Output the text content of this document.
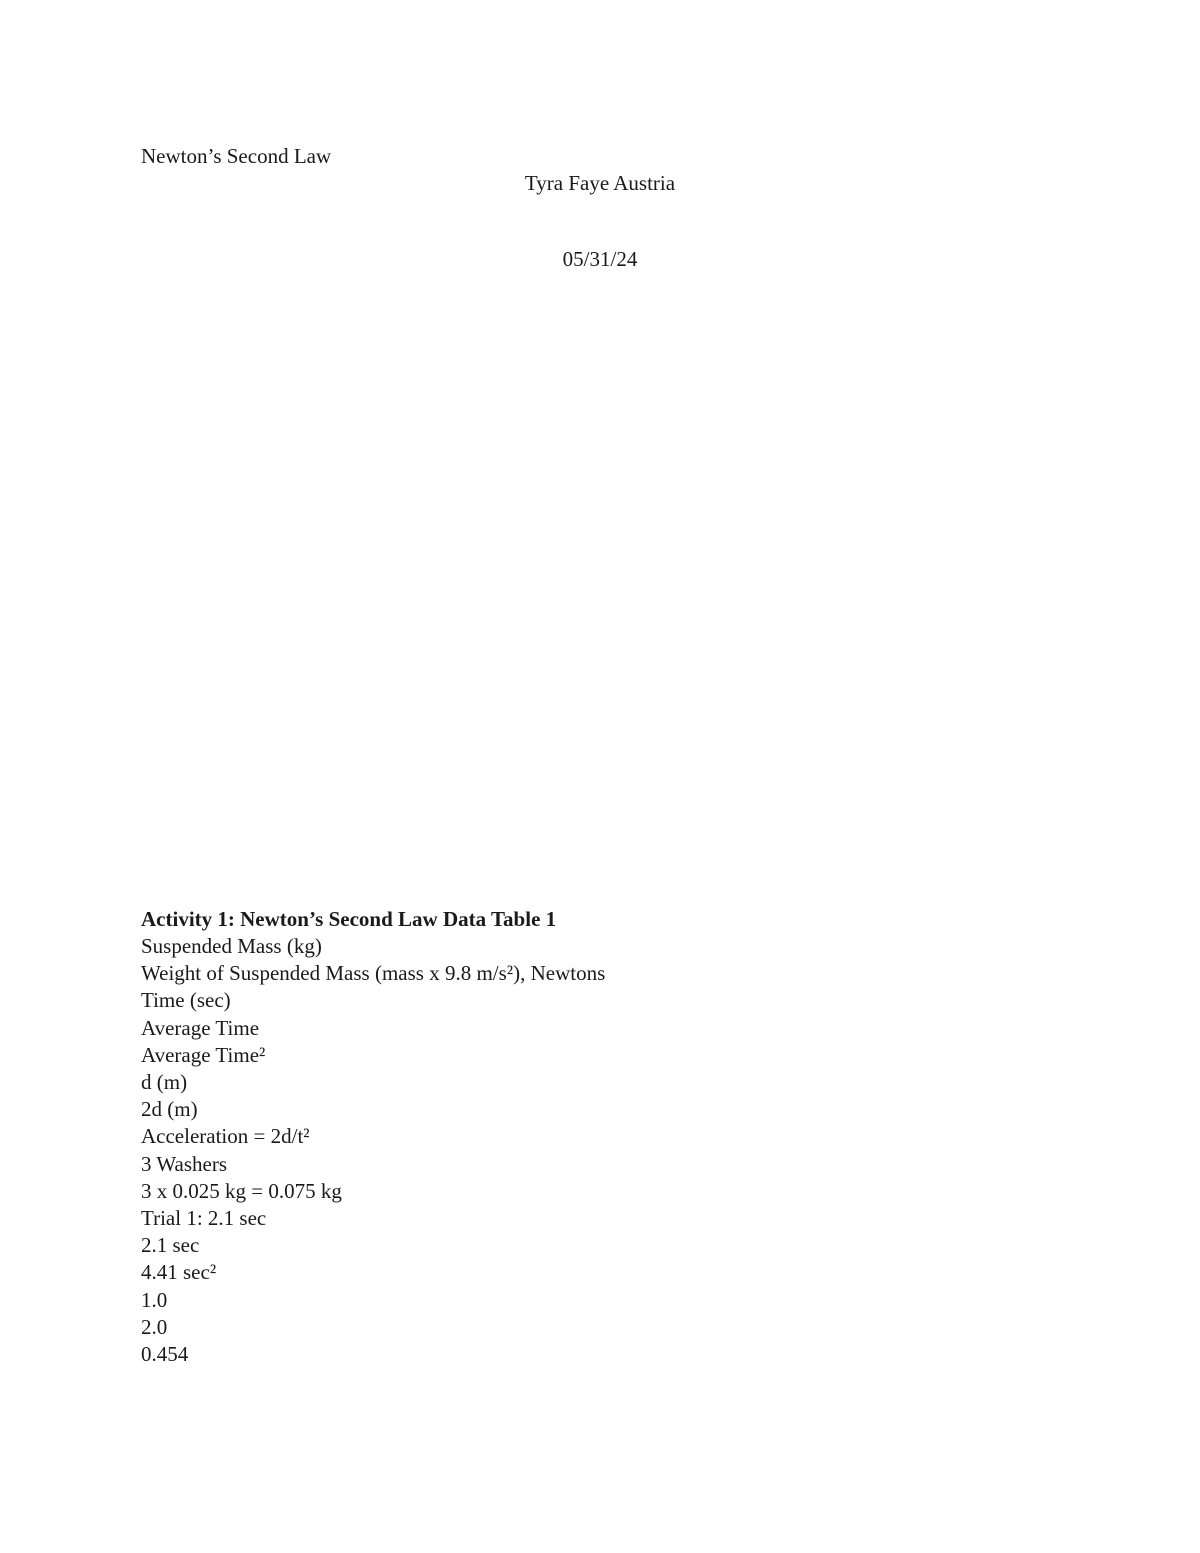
Newton’s Second Law
Tyra Faye Austria
05/31/24
Activity 1: Newton’s Second Law Data Table 1
Suspended Mass (kg)
Weight of Suspended Mass (mass x 9.8 m/s²), Newtons
Time (sec)
Average Time
Average Time²
d (m)
2d (m)
Acceleration = 2d/t²
3 Washers
3 x 0.025 kg = 0.075 kg
Trial 1: 2.1 sec
2.1 sec
4.41 sec²
1.0
2.0
0.454
